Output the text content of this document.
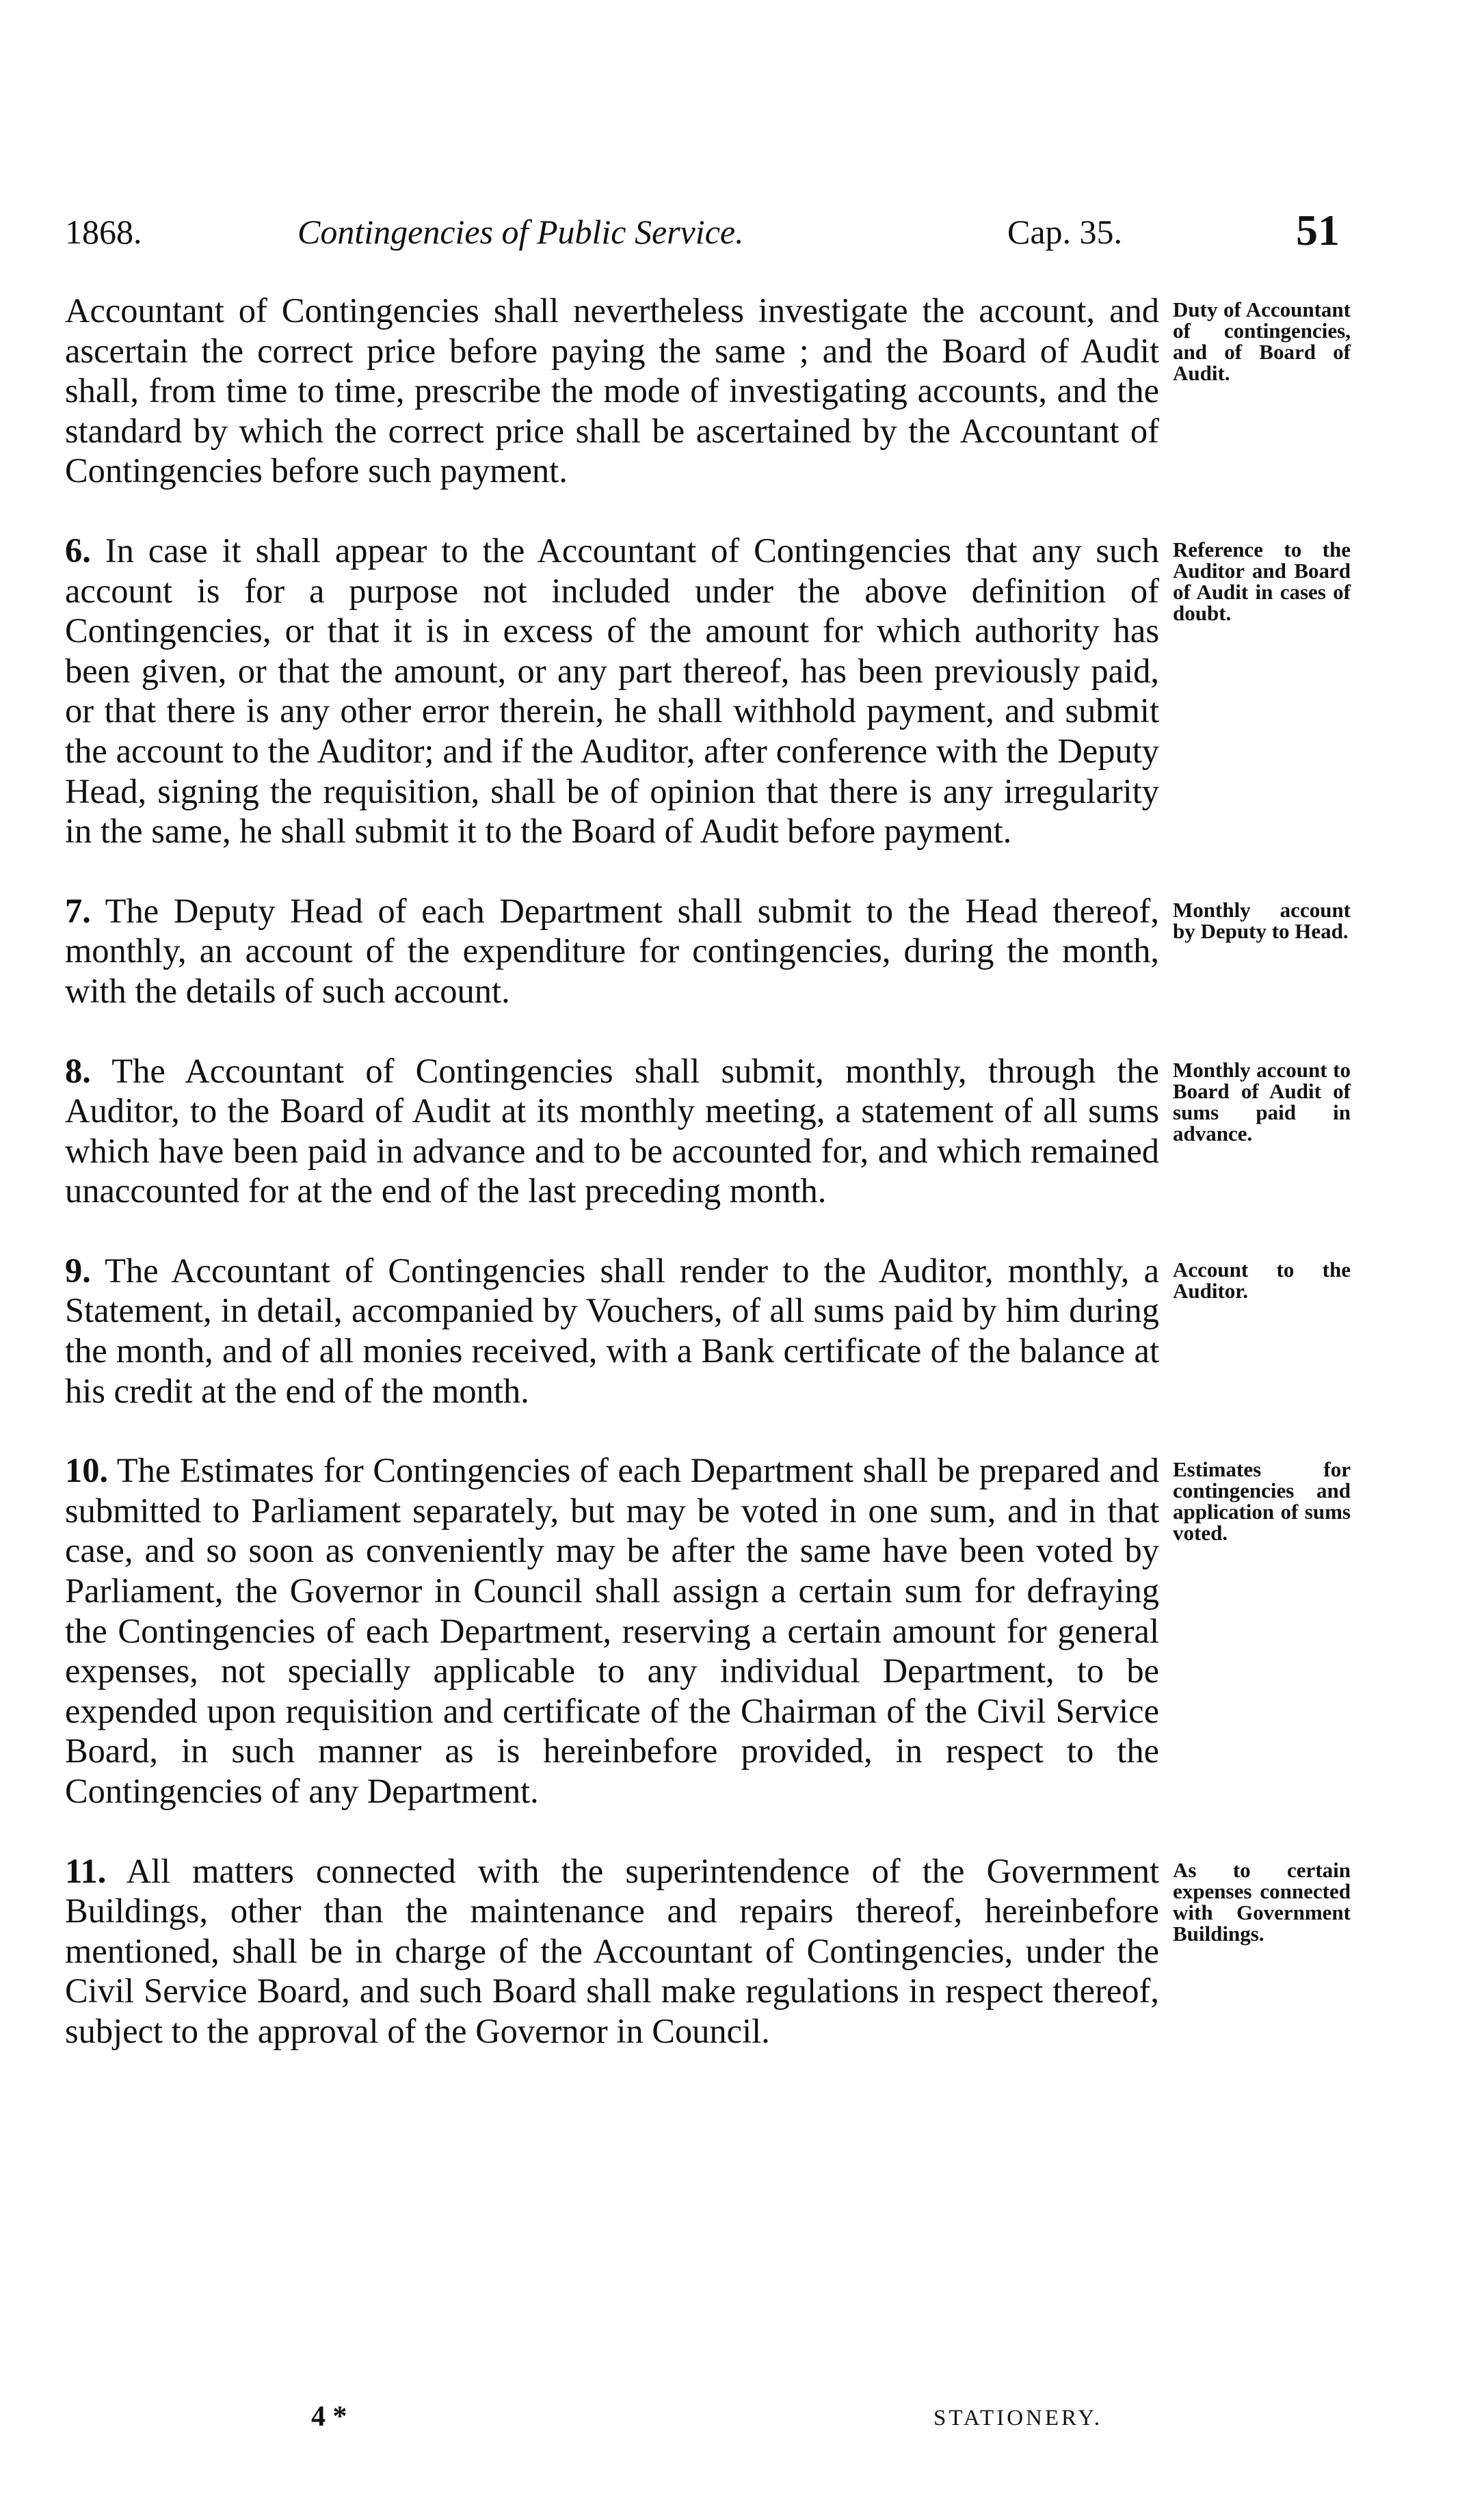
1868.	Contingencies of Public Service.	Cap. 35.	51

Accountant of Contingencies shall nevertheless investigate the account, and ascertain the correct price before paying the same ; and the Board of Audit shall, from time to time, prescribe the mode of investigating accounts, and the standard by which the correct price shall be ascertained by the Accountant of Contingencies before such payment.
Duty of Accountant of contingencies, and of Board of Audit.

6. In case it shall appear to the Accountant of Contingencies that any such account is for a purpose not included under the above definition of Contingencies, or that it is in excess of the amount for which authority has been given, or that the amount, or any part thereof, has been previously paid, or that there is any other error therein, he shall withhold payment, and submit the account to the Auditor; and if the Auditor, after conference with the Deputy Head, signing the requisition, shall be of opinion that there is any irregularity in the same, he shall submit it to the Board of Audit before payment.
Reference to the Auditor and Board of Audit in cases of doubt.

7. The Deputy Head of each Department shall submit to the Head thereof, monthly, an account of the expenditure for contingencies, during the month, with the details of such account.
Monthly account by Deputy to Head.

8. The Accountant of Contingencies shall submit, monthly, through the Auditor, to the Board of Audit at its monthly meeting, a statement of all sums which have been paid in advance and to be accounted for, and which remained unaccounted for at the end of the last preceding month.
Monthly account to Board of Audit of sums paid in advance.

9. The Accountant of Contingencies shall render to the Auditor, monthly, a Statement, in detail, accompanied by Vouchers, of all sums paid by him during the month, and of all monies received, with a Bank certificate of the balance at his credit at the end of the month.
Account to the Auditor.

10. The Estimates for Contingencies of each Department shall be prepared and submitted to Parliament separately, but may be voted in one sum, and in that case, and so soon as conveniently may be after the same have been voted by Parliament, the Governor in Council shall assign a certain sum for defraying the Contingencies of each Department, reserving a certain amount for general expenses, not specially applicable to any individual Department, to be expended upon requisition and certificate of the Chairman of the Civil Service Board, in such manner as is hereinbefore provided, in respect to the Contingencies of any Department.
Estimates for contingencies and application of sums voted.

11. All matters connected with the superintendence of the Government Buildings, other than the maintenance and repairs thereof, hereinbefore mentioned, shall be in charge of the Accountant of Contingencies, under the Civil Service Board, and such Board shall make regulations in respect thereof, subject to the approval of the Governor in Council.
As to certain expenses connected with Government Buildings.

4 *	STATIONERY.
